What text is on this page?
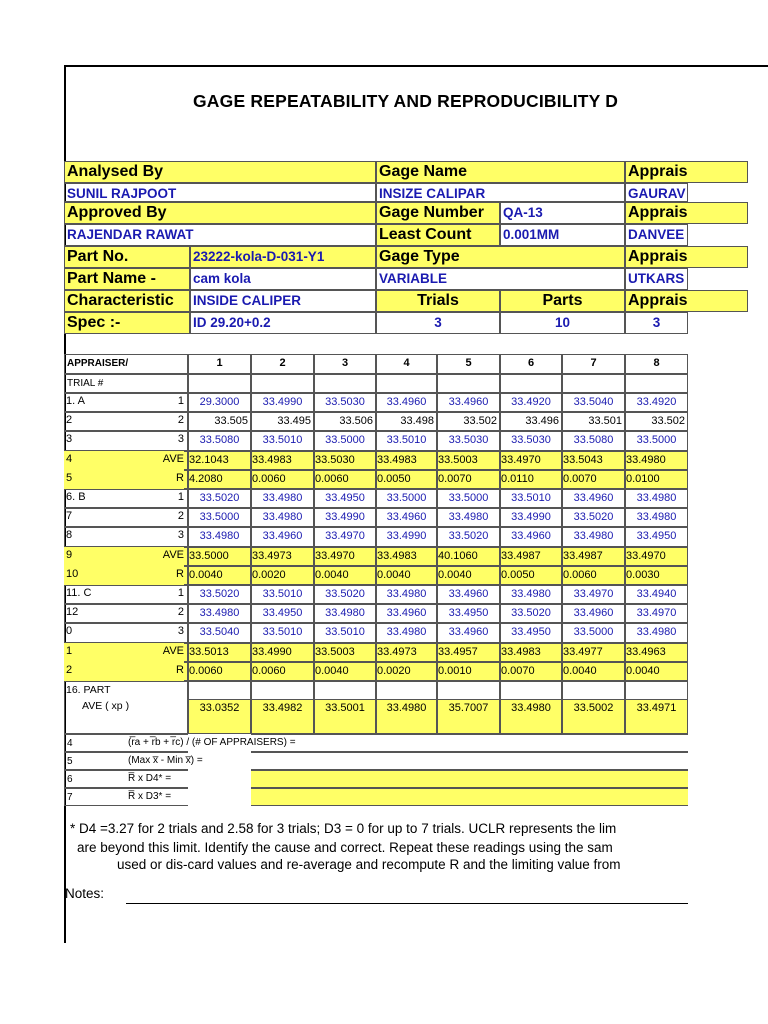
GAGE REPEATABILITY AND REPRODUCIBILITY D
Analysed By	Gage Name	Apprais
SUNIL RAJPOOT	INSIZE CALIPAR	GAURAV
Approved By	Gage Number	QA-13	Apprais
RAJENDAR RAWAT	Least Count	0.001MM	DANVEE
Part No.	23222-kola-D-031-Y1	Gage Type	Apprais
Part Name -	cam kola	VARIABLE	UTKARS
Characteristic	INSIDE CALIPER	Trials	Parts	Apprais
Spec :-	ID 29.20+0.2	3	10	3
APPRAISER/
TRIAL #
1	2	3	4	5	6	7	8
1. A	1	29.3000	33.4990	33.5030	33.4960	33.4960	33.4920	33.5040	33.4920
2	2	33.505	33.495	33.506	33.498	33.502	33.496	33.501	33.502
3	3	33.5080	33.5010	33.5000	33.5010	33.5030	33.5030	33.5080	33.5000
4	AVE 32.1043	33.4983	33.5030	33.4983	33.5003	33.4970	33.5043	33.4980
5	R 4.2080	0.0060	0.0060	0.0050	0.0070	0.0110	0.0070	0.0100
6. B	1	33.5020	33.4980	33.4950	33.5000	33.5000	33.5010	33.4960	33.4980
7	2	33.5000	33.4980	33.4990	33.4960	33.4980	33.4990	33.5020	33.4980
8	3	33.4980	33.4960	33.4970	33.4990	33.5020	33.4960	33.4980	33.4950
9	AVE 33.5000	33.4973	33.4970	33.4983	40.1060	33.4987	33.4987	33.4970
10	R 0.0040	0.0020	0.0040	0.0040	0.0040	0.0050	0.0060	0.0030
11. C	1	33.5020	33.5010	33.5020	33.4980	33.4960	33.4980	33.4970	33.4940
12	2	33.4980	33.4950	33.4980	33.4960	33.4950	33.5020	33.4960	33.4970
0	3	33.5040	33.5010	33.5010	33.4980	33.4960	33.4950	33.5000	33.4980
1	AVE 33.5013	33.4990	33.5003	33.4973	33.4957	33.4983	33.4977	33.4963
2	R 0.0060	0.0060	0.0040	0.0020	0.0010	0.0070	0.0040	0.0040
16. PART
AVE ( xp )	33.0352	33.4982	33.5001	33.4980	35.7007	33.4980	33.5002	33.4971
4	(r̅a + r̅b + r̅c) / (# OF APPRAISERS) =
5	(Max x̅ - Min x̅) =
6	R̅ x D4* =
7	R̅ x D3* =
* D4 =3.27 for 2 trials and 2.58 for 3 trials; D3 = 0 for up to 7 trials. UCLR represents the lim
are beyond this limit. Identify the cause and correct. Repeat these readings using the sam
used or dis-card values and re-average and recompute R and the limiting value from
Notes:
